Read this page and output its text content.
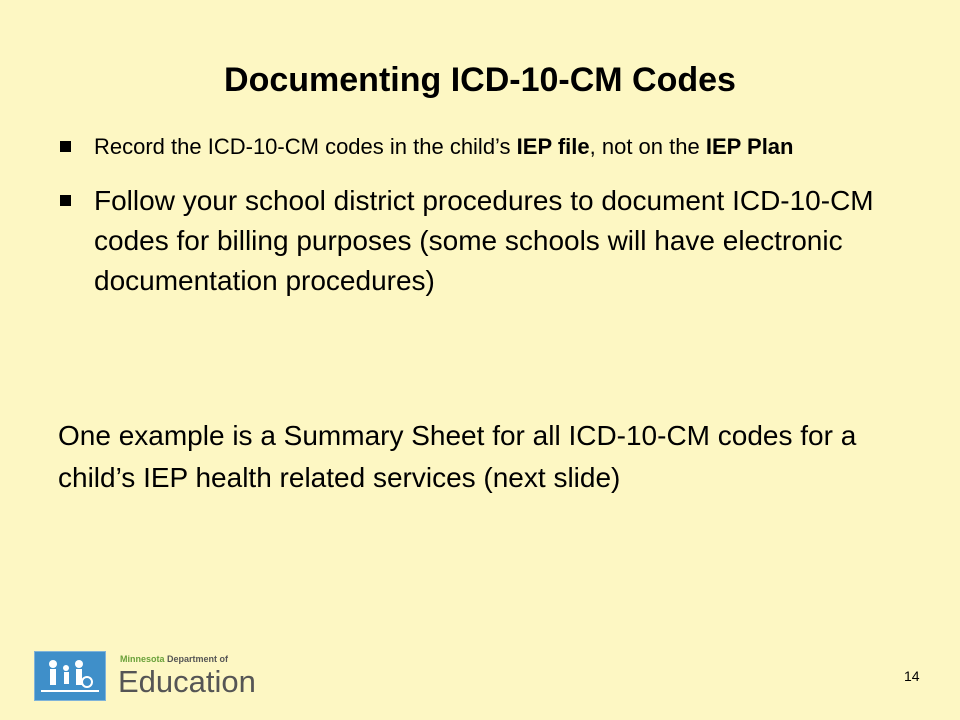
Documenting ICD-10-CM Codes
Record the ICD-10-CM codes in the child’s IEP file, not on the IEP Plan
Follow your school district procedures to document ICD-10-CM codes for billing purposes (some schools will have electronic documentation procedures)

One example is a Summary Sheet for all ICD-10-CM codes for a child’s IEP health related services (next slide)

Minnesota Department of
Education	14
